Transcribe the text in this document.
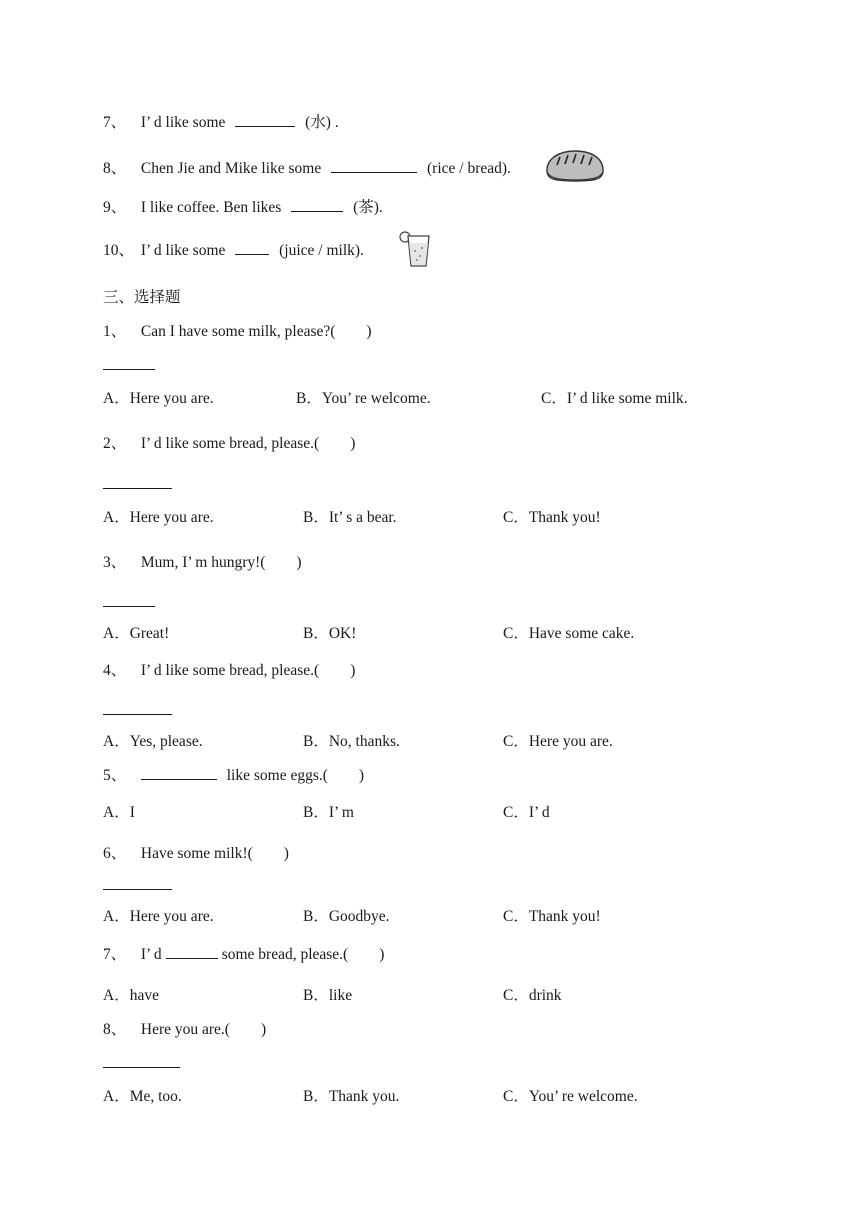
7、 I’ d like some	(水) .
8、 Chen Jie and Mike like some	(rice / bread).
9、 I like coffee. Ben likes	(茶).
10、 I’ d like some	(juice / milk).
三、选择题
1、 Can I have some milk, please?(　　)
A．Here you are.	B．You’ re welcome.	C．I’ d like some milk.
2、 I’ d like some bread, please.(　　)
A．Here you are.	B．It’ s a bear.	C．Thank you!
3、 Mum, I’ m hungry!(　　)
A．Great!	B．OK!	C．Have some cake.
4、 I’ d like some bread, please.(　　)
A．Yes, please.	B．No, thanks.	C．Here you are.
5、	like some eggs.(　　)
A．I	B．I’ m	C．I’ d
6、 Have some milk!(　　)
A．Here you are.	B．Goodbye.	C．Thank you!
7、 I’ d	some bread, please.(　　)
A．have	B．like	C．drink
8、 Here you are.(　　)
A．Me, too.	B．Thank you.	C．You’ re welcome.
